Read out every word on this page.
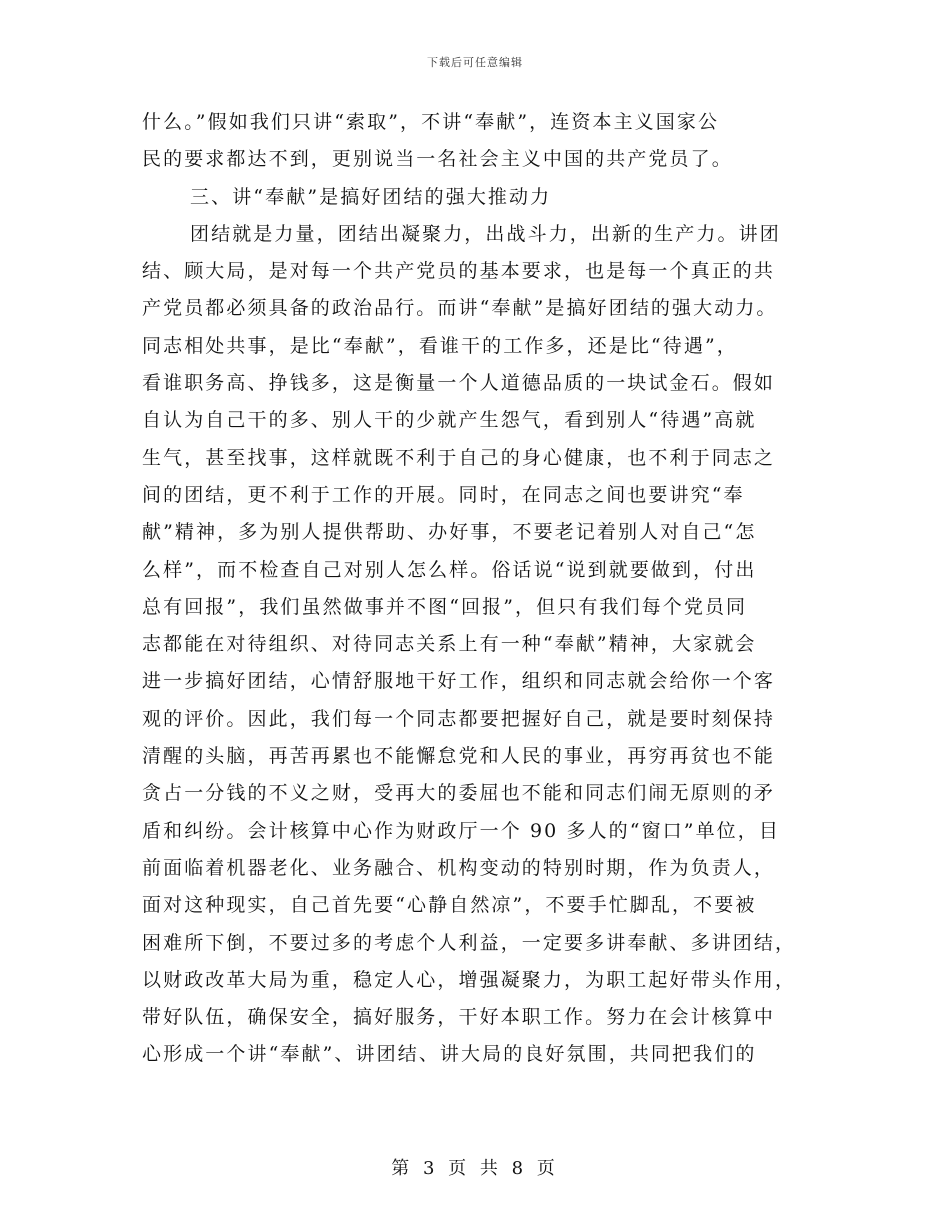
下载后可任意编辑
什么。”假如我们只讲“索取”，不讲“奉献”，连资本主义国家公
民的要求都达不到，更别说当一名社会主义中国的共产党员了。
三、讲“奉献”是搞好团结的强大推动力
团结就是力量，团结出凝聚力，出战斗力，出新的生产力。讲团
结、顾大局，是对每一个共产党员的基本要求，也是每一个真正的共
产党员都必须具备的政治品行。而讲“奉献”是搞好团结的强大动力。
同志相处共事，是比“奉献”，看谁干的工作多，还是比“待遇”，
看谁职务高、挣钱多，这是衡量一个人道德品质的一块试金石。假如
自认为自己干的多、别人干的少就产生怨气，看到别人“待遇”高就
生气，甚至找事，这样就既不利于自己的身心健康，也不利于同志之
间的团结，更不利于工作的开展。同时，在同志之间也要讲究“奉
献”精神，多为别人提供帮助、办好事，不要老记着别人对自己“怎
么样”，而不检查自己对别人怎么样。俗话说“说到就要做到，付出
总有回报”，我们虽然做事并不图“回报”，但只有我们每个党员同
志都能在对待组织、对待同志关系上有一种“奉献”精神，大家就会
进一步搞好团结，心情舒服地干好工作，组织和同志就会给你一个客
观的评价。因此，我们每一个同志都要把握好自己，就是要时刻保持
清醒的头脑，再苦再累也不能懈怠党和人民的事业，再穷再贫也不能
贪占一分钱的不义之财，受再大的委屈也不能和同志们闹无原则的矛
盾和纠纷。会计核算中心作为财政厅一个 90 多人的“窗口”单位，目
前面临着机器老化、业务融合、机构变动的特别时期，作为负责人，
面对这种现实，自己首先要“心静自然凉”，不要手忙脚乱，不要被
困难所下倒，不要过多的考虑个人利益，一定要多讲奉献、多讲团结，
以财政改革大局为重，稳定人心，增强凝聚力，为职工起好带头作用，
带好队伍，确保安全，搞好服务，干好本职工作。努力在会计核算中
心形成一个讲“奉献”、讲团结、讲大局的良好氛围，共同把我们的
第 3 页 共 8 页
